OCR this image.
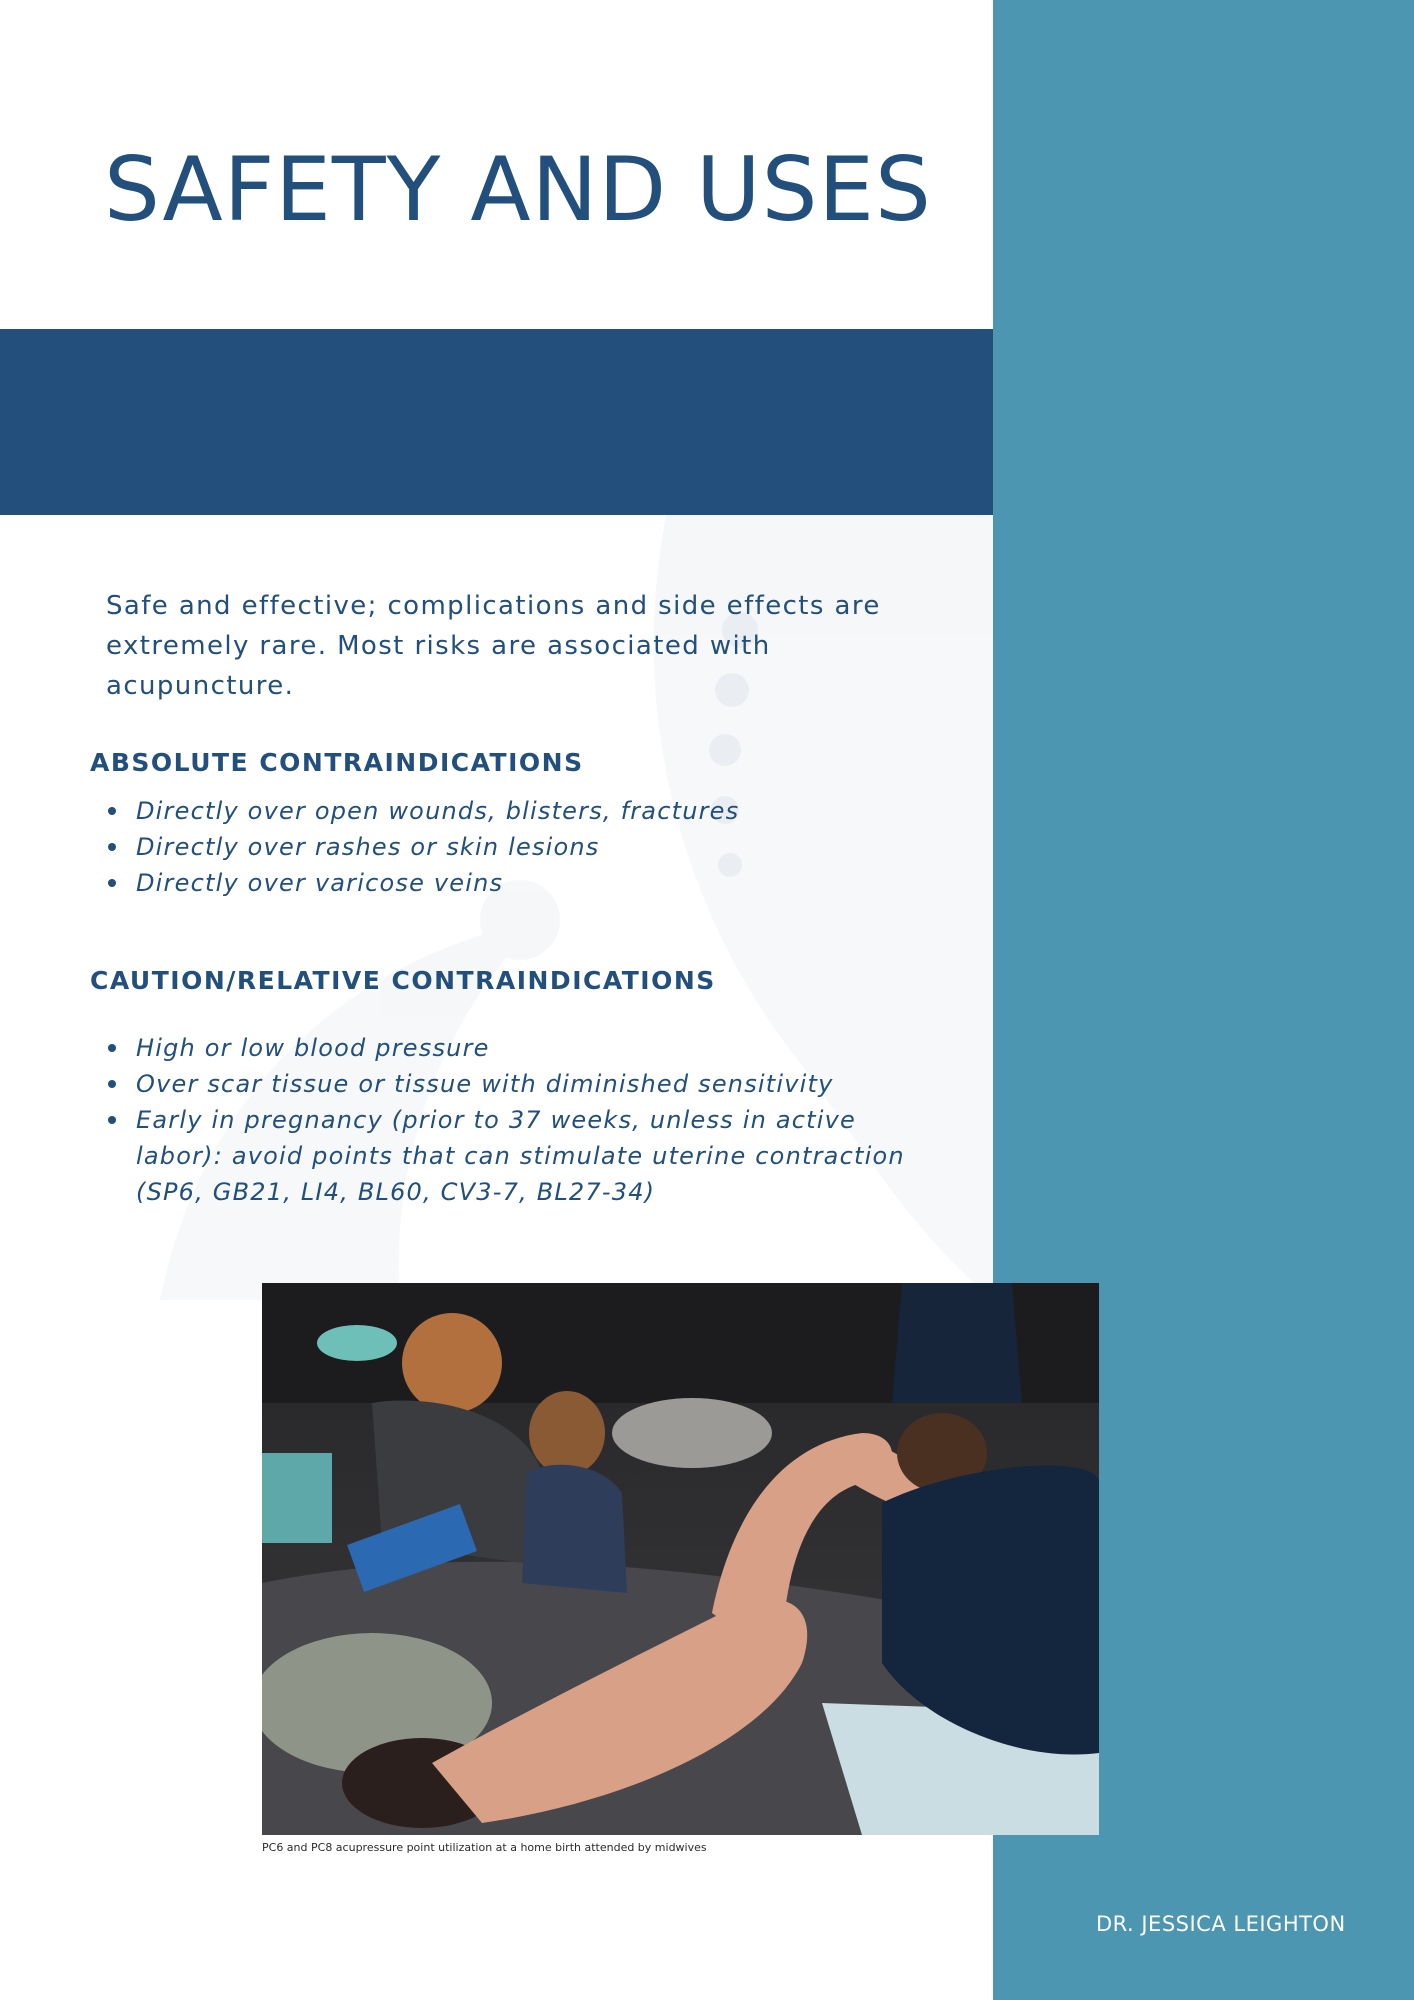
SAFETY AND USES

Safe and effective; complications and side effects are extremely rare. Most risks are associated with acupuncture.

ABSOLUTE CONTRAINDICATIONS
Directly over open wounds, blisters, fractures
Directly over rashes or skin lesions
Directly over varicose veins
CAUTION/RELATIVE CONTRAINDICATIONS
High or low blood pressure
Over scar tissue or tissue with diminished sensitivity
Early in pregnancy (prior to 37 weeks, unless in active labor): avoid points that can stimulate uterine contraction (SP6, GB21, LI4, BL60, CV3-7, BL27-34)

PC6 and PC8 acupressure point utilization at a home birth attended by midwives

DR. JESSICA LEIGHTON
